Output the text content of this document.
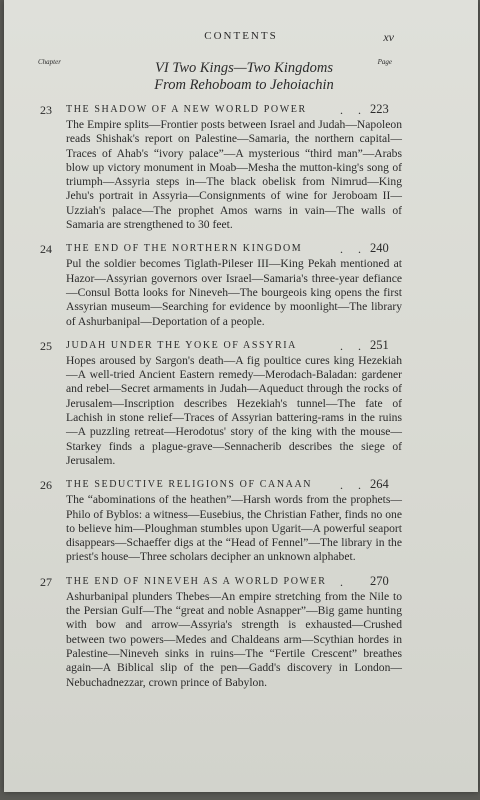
CONTENTS	xv
Chapter	Page
VI Two Kings—Two Kingdoms
From Rehoboam to Jehoiachin
23 THE SHADOW OF A NEW WORLD POWER	. . 223
The Empire splits—Frontier posts between Israel and Judah—Napoleon reads Shishak's report on Palestine—Samaria, the northern capital—Traces of Ahab's “ivory palace”—A mysterious “third man”—Arabs blow up victory monument in Moab—Mesha the mutton-king's song of triumph—Assyria steps in—The black obelisk from Nimrud—King Jehu's portrait in Assyria—Consignments of wine for Jeroboam II—Uzziah's palace—The prophet Amos warns in vain—The walls of Samaria are strengthened to 30 feet.
24 THE END OF THE NORTHERN KINGDOM	. . 240
Pul the soldier becomes Tiglath-Pileser III—King Pekah mentioned at Hazor—Assyrian governors over Israel—Samaria's three-year defiance—Consul Botta looks for Nineveh—The bourgeois king opens the first Assyrian museum—Searching for evidence by moonlight—The library of Ashurbanipal—Deportation of a people.
25 JUDAH UNDER THE YOKE OF ASSYRIA	. . 251
Hopes aroused by Sargon's death—A fig poultice cures king Hezekiah—A well-tried Ancient Eastern remedy—Merodach-Baladan: gardener and rebel—Secret armaments in Judah—Aqueduct through the rocks of Jerusalem—Inscription describes Hezekiah's tunnel—The fate of Lachish in stone relief—Traces of Assyrian battering-rams in the ruins—A puzzling retreat—Herodotus' story of the king with the mouse—Starkey finds a plague-grave—Sennacherib describes the siege of Jerusalem.
26 THE SEDUCTIVE RELIGIONS OF CANAAN	. . 264
The “abominations of the heathen”—Harsh words from the prophets—Philo of Byblos: a witness—Eusebius, the Christian Father, finds no one to believe him—Ploughman stumbles upon Ugarit—A powerful seaport disappears—Schaeffer digs at the “Head of Fennel”—The library in the priest's house—Three scholars decipher an unknown alphabet.
27 THE END OF NINEVEH AS A WORLD POWER	. 270
Ashurbanipal plunders Thebes—An empire stretching from the Nile to the Persian Gulf—The “great and noble Asnapper”—Big game hunting with bow and arrow—Assyria's strength is exhausted—Crushed between two powers—Medes and Chaldeans arm—Scythian hordes in Palestine—Nineveh sinks in ruins—The “Fertile Crescent” breathes again—A Biblical slip of the pen—Gadd's discovery in London—Nebuchadnezzar, crown prince of Babylon.
